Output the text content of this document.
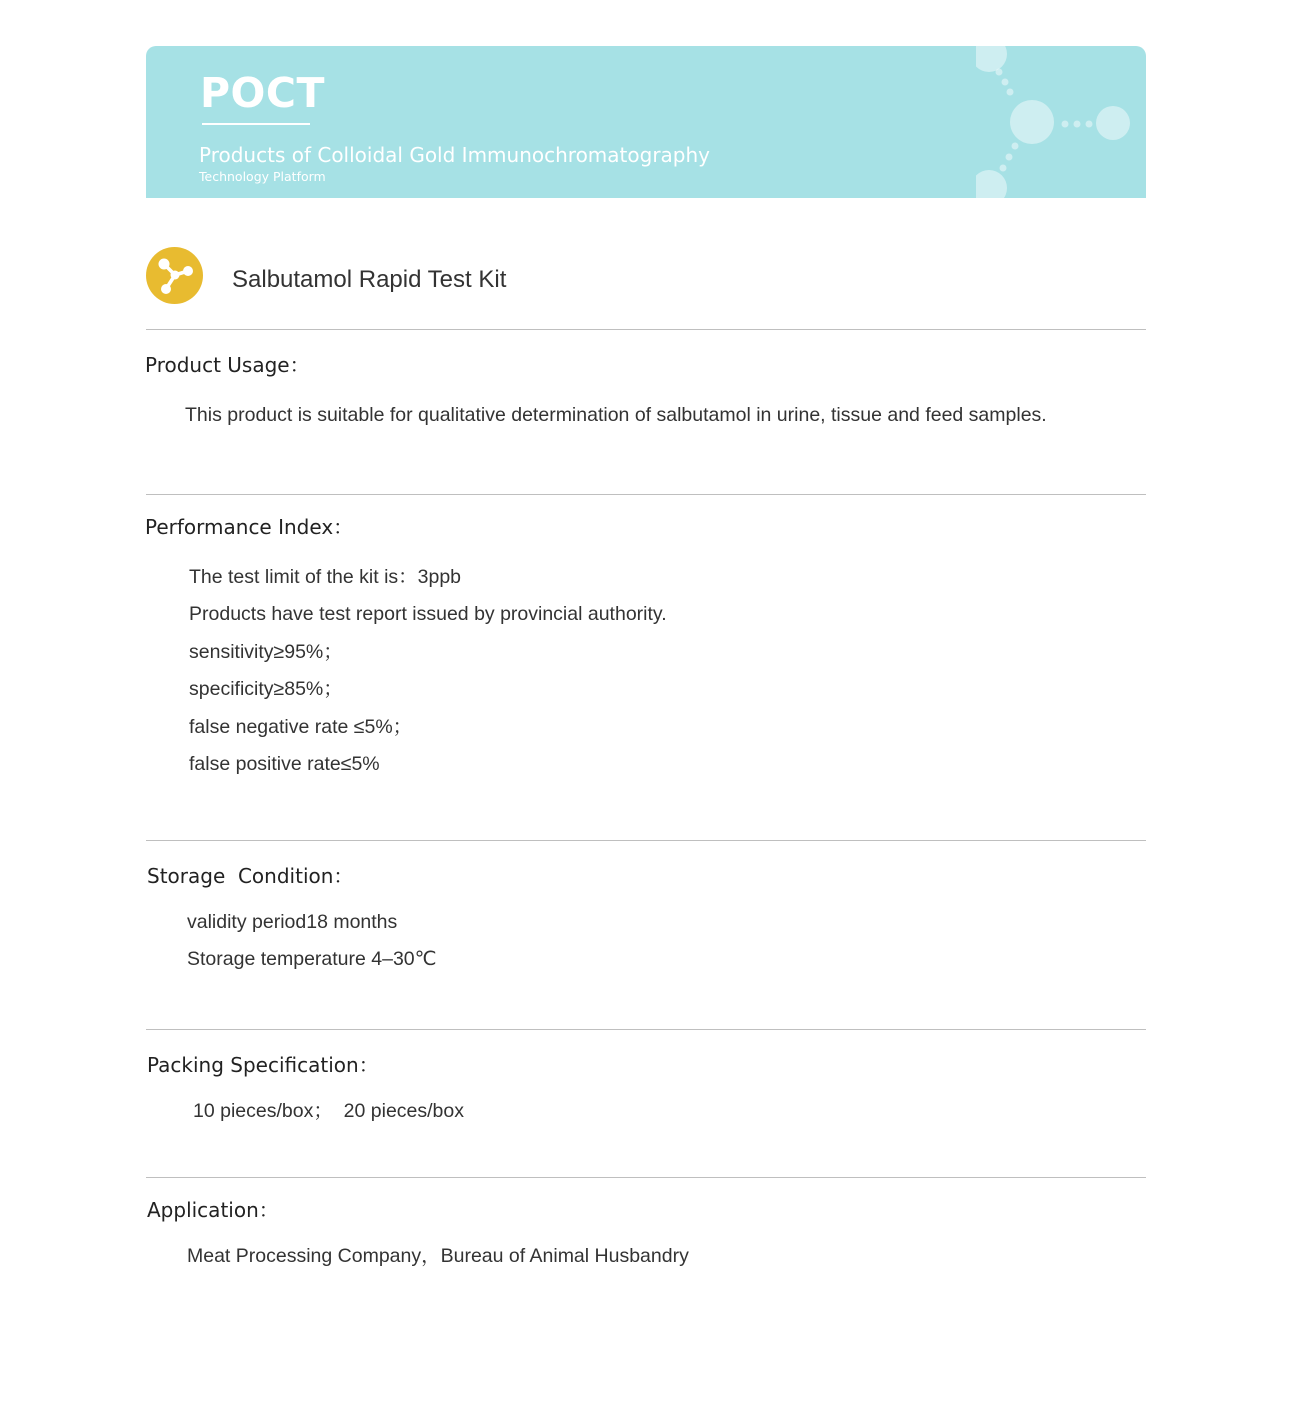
POCT
Products of Colloidal Gold Immunochromatography
Technology Platform
Salbutamol Rapid Test Kit
Product Usage：
This product is suitable for qualitative determination of salbutamol in urine, tissue and feed samples.
Performance Index：
The test limit of the kit is：3ppb
Products have test report issued by provincial authority.
sensitivity≥95%；
specificity≥85%；
false negative rate ≤5%；
false positive rate≤5%
Storage  Condition：
validity period18 months
Storage temperature 4–30℃
Packing Specification：
10 pieces/box；  20 pieces/box
Application：
Meat Processing Company，Bureau of Animal Husbandry
